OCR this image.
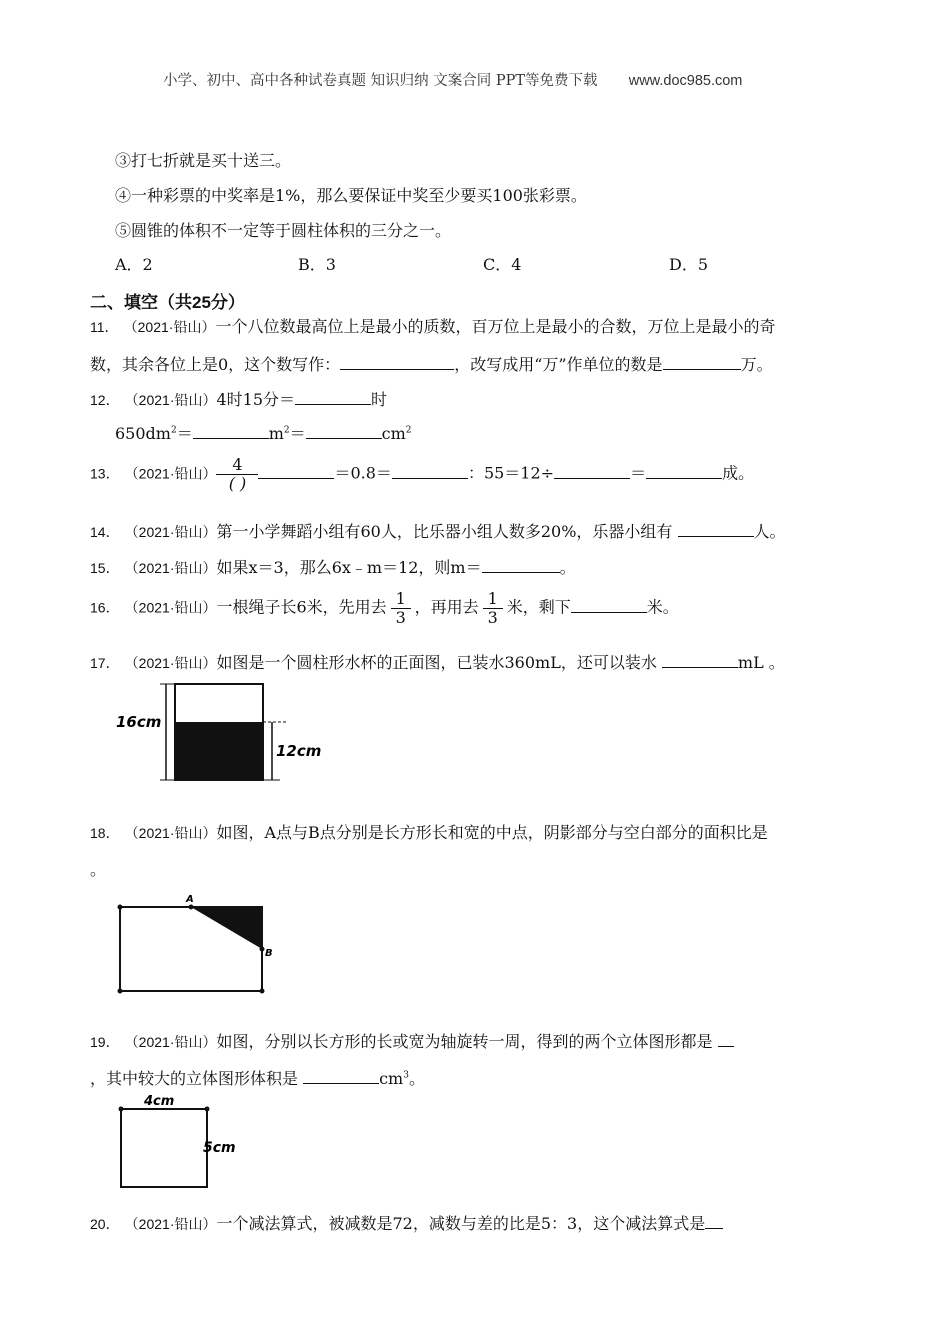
小学、初中、高中各种试卷真题 知识归纳 文案合同 PPT等免费下载 www.doc985.com
③打七折就是买十送三。
④一种彩票的中奖率是1%，那么要保证中奖至少要买100张彩票。
⑤圆锥的体积不一定等于圆柱体积的三分之一。
A．2	B．3	C．4	D．5
二、填空（共25分）
11． （2021·铅山）一个八位数最高位上是最小的质数，百万位上是最小的合数，万位上是最小的奇
数，其余各位上是0，这个数写作：	，改写成用“万”作单位的数是	万。
12． （2021·铅山）4时15分＝	时
$650dm^2=$	$m^2=$	$cm^2$
13． （2021·铅山） $\frac{4}{( )}$	＝0.8＝	：55＝12÷	＝	成。
14． （2021·铅山）第一小学舞蹈小组有60人，比乐器小组人数多20%，乐器小组有	人。
15． （2021·铅山）如果x＝3，那么6x﹣m＝12，则m＝	。
16． （2021·铅山）一根绳子长6米，先用去 $\frac{1}{3}$ ，再用去 $\frac{1}{3}$ 米，剩下	米。
17． （2021·铅山）如图是一个圆柱形水杯的正面图，已装水360mL，还可以装水	mL 。
16cm
12cm
18． （2021·铅山）如图，A点与B点分别是长方形长和宽的中点，阴影部分与空白部分的面积比是
。
A
B
19． （2021·铅山）如图，分别以长方形的长或宽为轴旋转一周，得到的两个立体图形都是
，其中较大的立体图形体积是	$cm^3$。
4cm
5cm
20． （2021·铅山）一个减法算式，被减数是72，减数与差的比是5：3，这个减法算式是
